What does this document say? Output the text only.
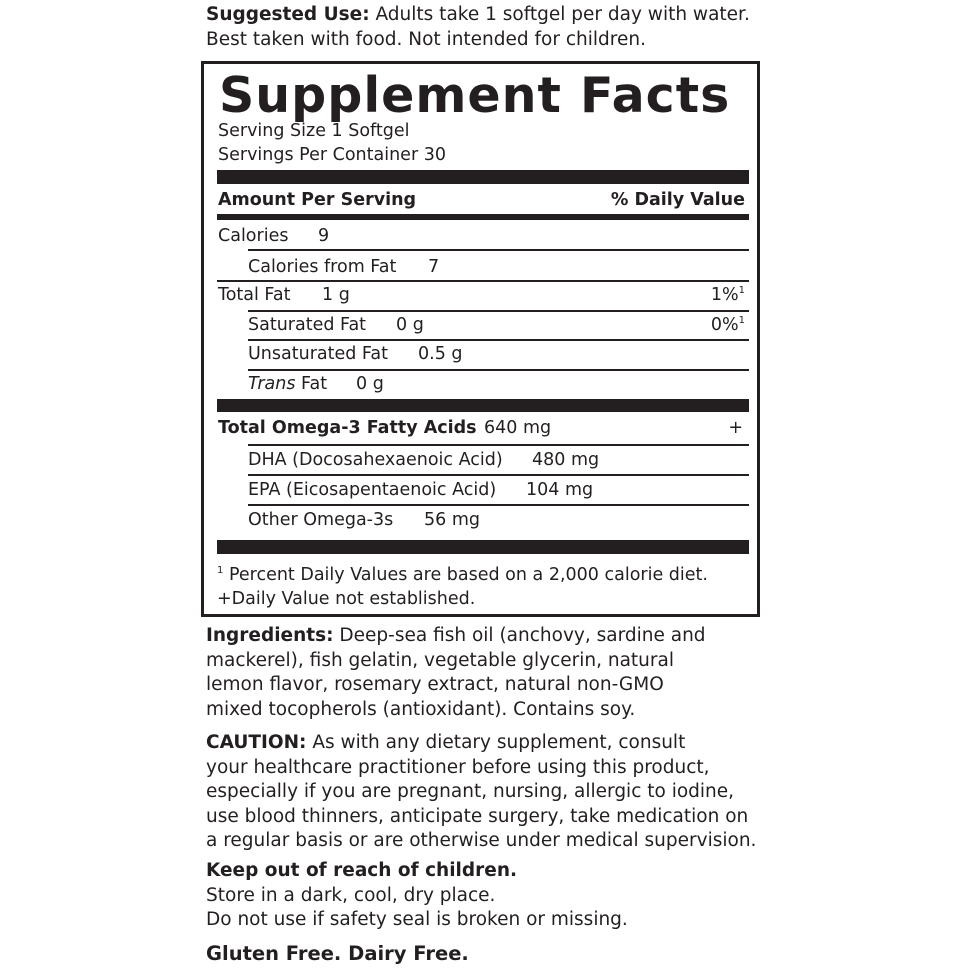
Suggested Use: Adults take 1 softgel per day with water.
Best taken with food. Not intended for children.
Supplement Facts
Serving Size 1 Softgel
Servings Per Container 30
Amount Per Serving	% Daily Value
Calories 9
Calories from Fat 7
Total Fat 1 g	1%$^1$
Saturated Fat 0 g	0%$^1$
Unsaturated Fat 0.5 g
Trans Fat 0 g
Total Omega-3 Fatty Acids 640 mg	+
DHA (Docosahexaenoic Acid) 480 mg
EPA (Eicosapentaenoic Acid) 104 mg
Other Omega-3s 56 mg
$^1$ Percent Daily Values are based on a 2,000 calorie diet.
+Daily Value not established.
Ingredients: Deep-sea fish oil (anchovy, sardine and
mackerel), fish gelatin, vegetable glycerin, natural
lemon flavor, rosemary extract, natural non-GMO
mixed tocopherols (antioxidant). Contains soy.
CAUTION: As with any dietary supplement, consult
your healthcare practitioner before using this product,
especially if you are pregnant, nursing, allergic to iodine,
use blood thinners, anticipate surgery, take medication on
a regular basis or are otherwise under medical supervision.
Keep out of reach of children.
Store in a dark, cool, dry place.
Do not use if safety seal is broken or missing.
Gluten Free. Dairy Free.
